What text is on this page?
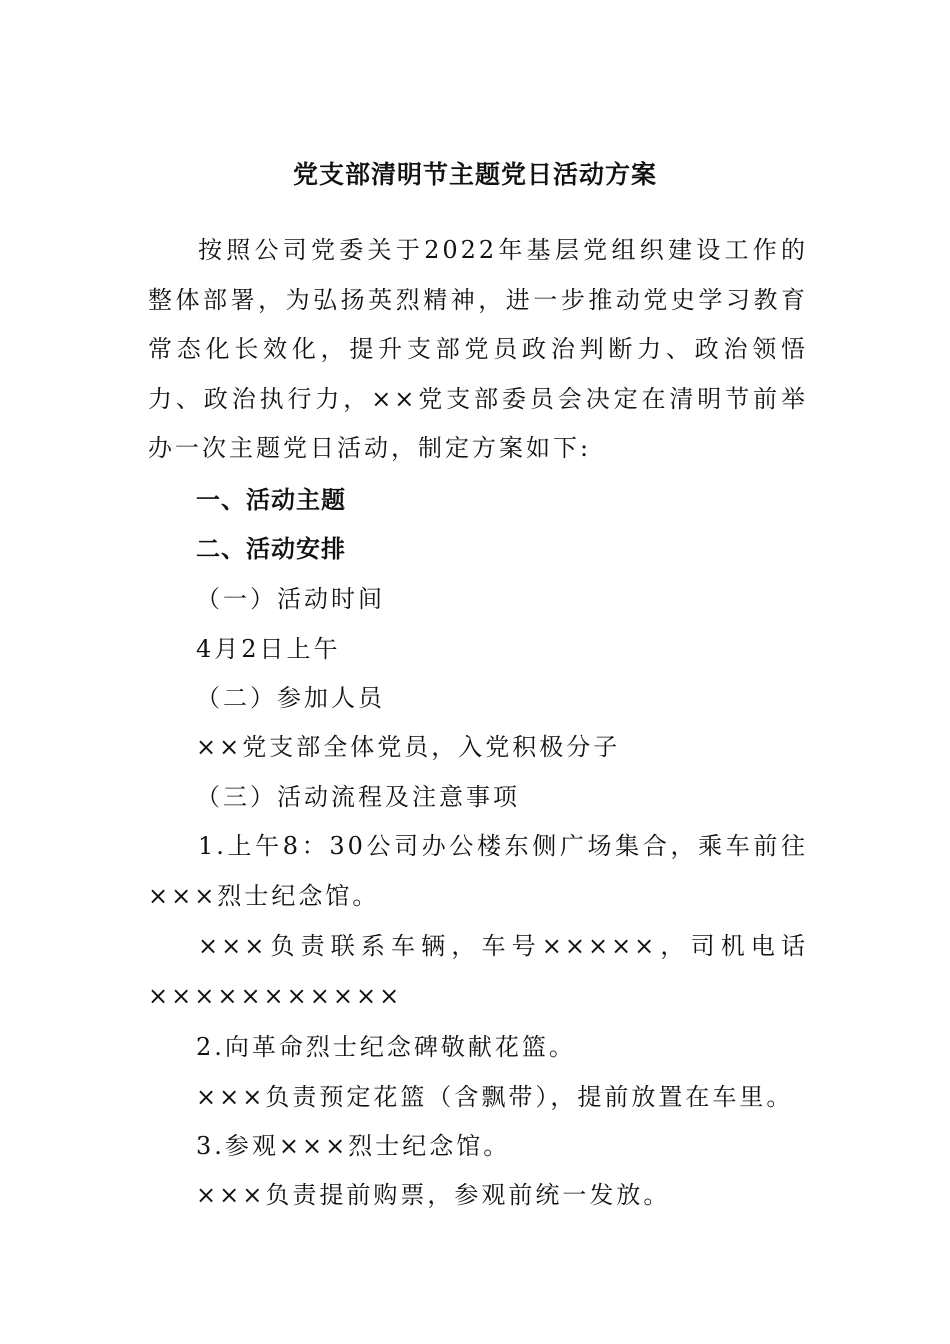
党支部清明节主题党日活动方案

按照公司党委关于2022年基层党组织建设工作的整体部署，为弘扬英烈精神，进一步推动党史学习教育常态化长效化，提升支部党员政治判断力、政治领悟力、政治执行力，××党支部委员会决定在清明节前举办一次主题党日活动，制定方案如下:

一、活动主题
二、活动安排
（一）活动时间
4月2日上午
（二）参加人员
××党支部全体党员，入党积极分子
（三）活动流程及注意事项

1.上午8：30公司办公楼东侧广场集合，乘车前往×××烈士纪念馆。

×××负责联系车辆，车号×××××，司机电话×××××××××××

2.向革命烈士纪念碑敬献花篮。
×××负责预定花篮（含飘带），提前放置在车里。
3.参观×××烈士纪念馆。
×××负责提前购票，参观前统一发放。
